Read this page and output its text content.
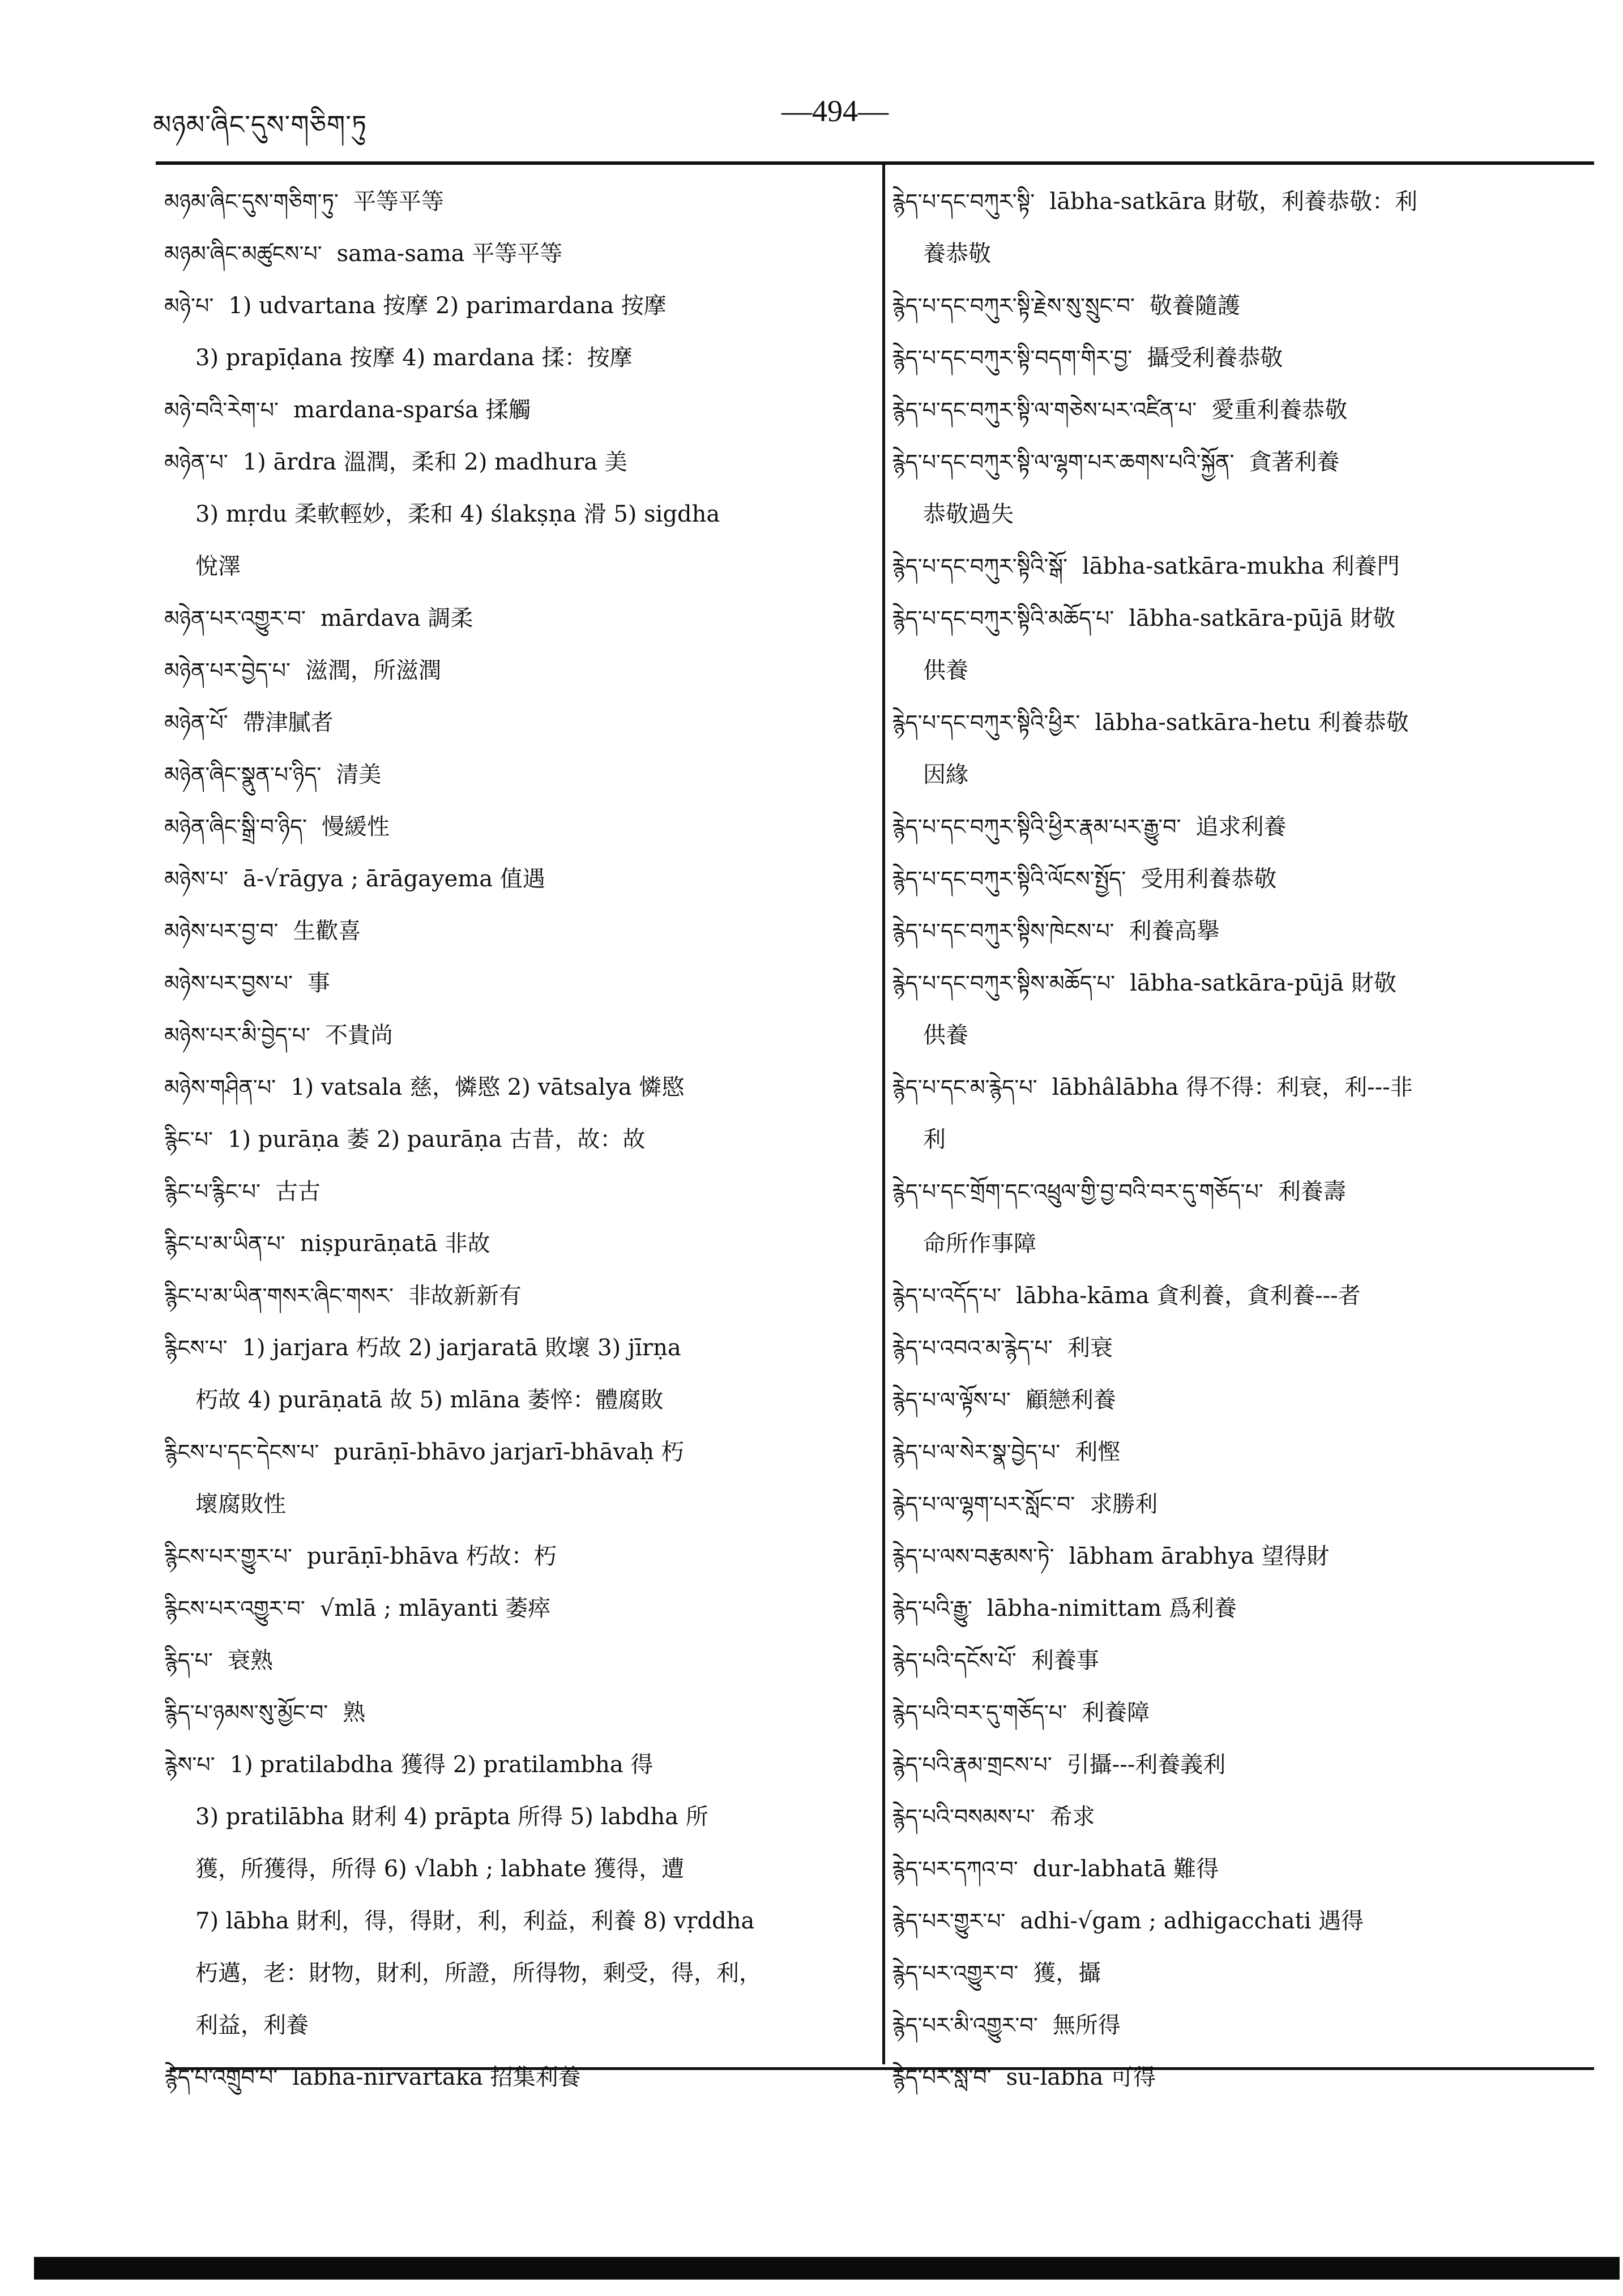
མཉམ་ཞིང་དུས་གཅིག་ཏུ	—494—
མཉམ་ཞིང་དུས་གཅིག་ཏུ་ 平等平等
མཉམ་ཞིང་མཚུངས་པ་ sama-sama 平等平等
མཉེ་པ་ 1) udvartana 按摩 2) parimardana 按摩
3) prapīḍana 按摩 4) mardana 揉：按摩
མཉེ་བའི་རེག་པ་ mardana-sparśa 揉觸
མཉེན་པ་ 1) ārdra 溫潤，柔和 2) madhura 美
3) mṛdu 柔軟輕妙，柔和 4) ślakṣṇa 滑 5) sigdha
悅澤
མཉེན་པར་འགྱུར་བ་ mārdava 調柔
མཉེན་པར་བྱེད་པ་ 滋潤，所滋潤
མཉེན་པོ་ 帶津膩者
མཉེན་ཞིང་སྣུན་པ་ཉིད་ 清美
མཉེན་ཞིང་སྒྲི་བ་ཉིད་ 慢緩性
མཉེས་པ་ ā-√rāgya ; ārāgayema 值遇
མཉེས་པར་བྱ་བ་ 生歡喜
མཉེས་པར་བྱས་པ་ 事
མཉེས་པར་མི་བྱེད་པ་ 不貴尚
མཉེས་གཤིན་པ་ 1) vatsala 慈，憐愍 2) vātsalya 憐愍
རྙིང་པ་ 1) purāṇa 萎 2) paurāṇa 古昔，故：故
རྙིང་པ་རྙིང་པ་ 古古
རྙིང་པ་མ་ཡིན་པ་ niṣpurāṇatā 非故
རྙིང་པ་མ་ཡིན་གསར་ཞིང་གསར་ 非故新新有
རྙིངས་པ་ 1) jarjara 朽故 2) jarjaratā 敗壞 3) jīrṇa
朽故 4) purāṇatā 故 5) mlāna 萎悴：體腐敗
རྙིངས་པ་དང་དེངས་པ་ purāṇī-bhāvo jarjarī-bhāvaḥ 朽
壞腐敗性
རྙིངས་པར་གྱུར་པ་ purāṇī-bhāva 朽故：朽
རྙིངས་པར་འགྱུར་བ་ √mlā ; mlāyanti 萎瘁
རྙིད་པ་ 衰熟
རྙིད་པ་ཉམས་སུ་མྱོང་བ་ 熟
རྙེས་པ་ 1) pratilabdha 獲得 2) pratilambha 得
3) pratilābha 財利 4) prāpta 所得 5) labdha 所
獲，所獲得，所得 6) √labh ; labhate 獲得，遭
7) lābha 財利，得，得財，利，利益，利養 8) vṛddha
朽邁，老：財物，財利，所證，所得物，剩受，得，利，
利益，利養
རྙེད་པ་འགྲུབ་པ་ lābha-nirvartaka 招集利養
རྙེད་པ་དང་བཀུར་སྟི་ lābha-satkāra 財敬，利養恭敬：利
養恭敬
རྙེད་པ་དང་བཀུར་སྟི་རྗེས་སུ་སྲུང་བ་ 敬養隨護
རྙེད་པ་དང་བཀུར་སྟི་བདག་གིར་བྱ་ 攝受利養恭敬
རྙེད་པ་དང་བཀུར་སྟི་ལ་གཅེས་པར་འཛིན་པ་ 愛重利養恭敬
རྙེད་པ་དང་བཀུར་སྟི་ལ་ལྷག་པར་ཆགས་པའི་སྐྱོན་ 貪著利養
恭敬過失
རྙེད་པ་དང་བཀུར་སྟིའི་སྒོ་ lābha-satkāra-mukha 利養門
རྙེད་པ་དང་བཀུར་སྟིའི་མཆོད་པ་ lābha-satkāra-pūjā 財敬
供養
རྙེད་པ་དང་བཀུར་སྟིའི་ཕྱིར་ lābha-satkāra-hetu 利養恭敬
因緣
རྙེད་པ་དང་བཀུར་སྟིའི་ཕྱིར་རྣམ་པར་རྒྱུ་བ་ 追求利養
རྙེད་པ་དང་བཀུར་སྟིའི་ལོངས་སྤྱོད་ 受用利養恭敬
རྙེད་པ་དང་བཀུར་སྟིས་ཁེངས་པ་ 利養高擧
རྙེད་པ་དང་བཀུར་སྟིས་མཆོད་པ་ lābha-satkāra-pūjā 財敬
供養
རྙེད་པ་དང་མ་རྙེད་པ་ lābhâlābha 得不得：利衰，利---非
利
རྙེད་པ་དང་གྲོག་དང་འཕྲུལ་གྱི་བྱ་བའི་བར་དུ་གཅོད་པ་ 利養壽
命所作事障
རྙེད་པ་འདོད་པ་ lābha-kāma 貪利養，貪利養---者
རྙེད་པ་འབའ་མ་རྙེད་པ་ 利衰
རྙེད་པ་ལ་ལྟོས་པ་ 顧戀利養
རྙེད་པ་ལ་སེར་སྣ་བྱེད་པ་ 利慳
རྙེད་པ་ལ་ལྷག་པར་སློང་བ་ 求勝利
རྙེད་པ་ལས་བརྩམས་ཏེ་ lābham ārabhya 望得財
རྙེད་པའི་རྒྱུ་ lābha-nimittam 爲利養
རྙེད་པའི་དངོས་པོ་ 利養事
རྙེད་པའི་བར་དུ་གཅོད་པ་ 利養障
རྙེད་པའི་རྣམ་གྲངས་པ་ 引攝---利養義利
རྙེད་པའི་བསམས་པ་ 希求
རྙེད་པར་དཀའ་བ་ dur-labhatā 難得
རྙེད་པར་གྱུར་པ་ adhi-√gam ; adhigacchati 遇得
རྙེད་པར་འགྱུར་བ་ 獲，攝
རྙེད་པར་མི་འགྱུར་བ་ 無所得
རྙེད་པར་སླ་བ་ su-labha 可得
